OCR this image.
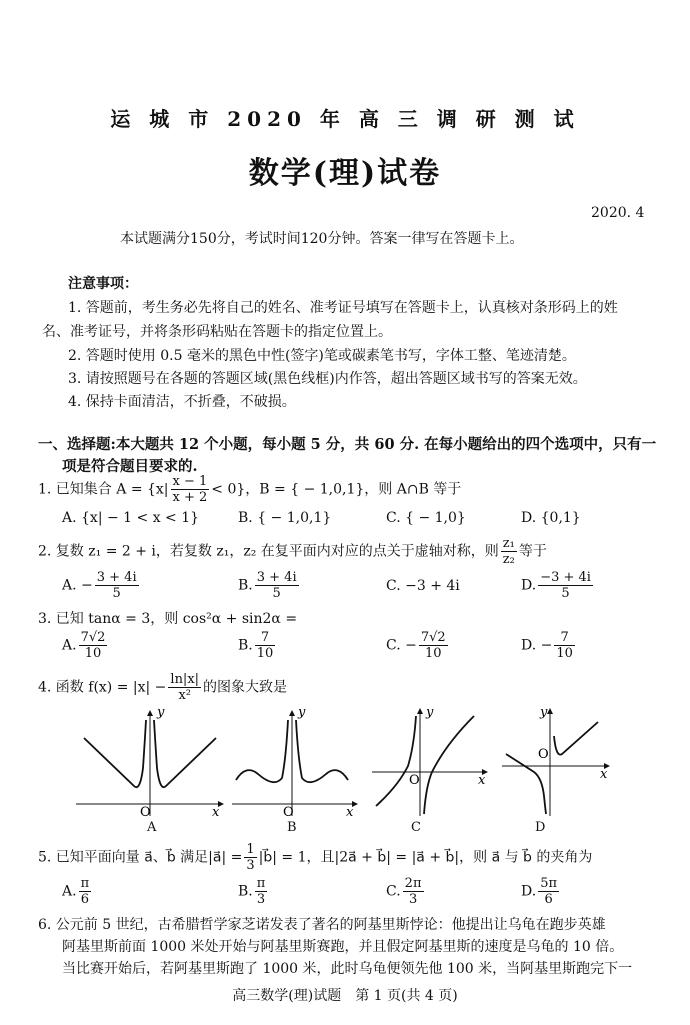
运 城 市 2020 年 高 三 调 研 测 试
数学(理)试卷
2020. 4
本试题满分150分，考试时间120分钟。答案一律写在答题卡上。
注意事项：
1. 答题前，考生务必先将自己的姓名、准考证号填写在答题卡上，认真核对条形码上的姓
名、准考证号，并将条形码粘贴在答题卡的指定位置上。
2. 答题时使用 0.5 毫米的黑色中性(签字)笔或碳素笔书写，字体工整、笔迹清楚。
3. 请按照题号在各题的答题区域(黑色线框)内作答，超出答题区域书写的答案无效。
4. 保持卡面清洁，不折叠，不破损。
一、选择题:本大题共 12 个小题，每小题 5 分，共 60 分. 在每小题给出的四个选项中，只有一
项是符合题目要求的.
1. 已知集合 $A = \{x| \frac{x - 1}{x + 2} < 0\}$，B = { − 1,0,1}，则 A∩B 等于
A. {x| − 1 < x < 1}	B. { − 1,0,1}	C. { − 1,0}	D. {0,1}
2. 复数 z₁ = 2 + i，若复数 z₁，z₂ 在复平面内对应的点关于虚轴对称，则 $\frac{\text{z₁}}{\text{z₂}}$ 等于
A. − $\frac{3 + 4i}{5}$	B. $\frac{3 + 4i}{5}$	C. −3 + 4i	D. $\frac{-3 + 4i}{5}$
3. 已知 tanα = 3，则 cos²α + sin2α =
A. $\frac{7√2}{10}$	B. $\frac{7}{10}$	C. − $\frac{7√2}{10}$	D. − $\frac{7}{10}$
4. 函数 $f(x) = |x| - \frac{\ln|x|}{\text{x²}}$ 的图象大致是
y
x
O
A
y
x
O
B
y
x
O
C
y
x
O
D
5. 已知平面向量 a⃗、b⃗ 满足|a⃗| = $\frac{1}{3}$ |b⃗| = 1，且|2a⃗ + b⃗| = |a⃗ + b⃗|，则 a⃗ 与 b⃗ 的夹角为
A. $\frac{\pi}{6}$	B. $\frac{\pi}{3}$	C. $\frac{2\pi}{3}$	D. $\frac{5\pi}{6}$
6. 公元前 5 世纪，古希腊哲学家芝诺发表了著名的阿基里斯悖论：他提出让乌龟在跑步英雄
阿基里斯前面 1000 米处开始与阿基里斯赛跑，并且假定阿基里斯的速度是乌龟的 10 倍。
当比赛开始后，若阿基里斯跑了 1000 米，此时乌龟便领先他 100 米，当阿基里斯跑完下一
高三数学(理)试题　第 1 页(共 4 页)
